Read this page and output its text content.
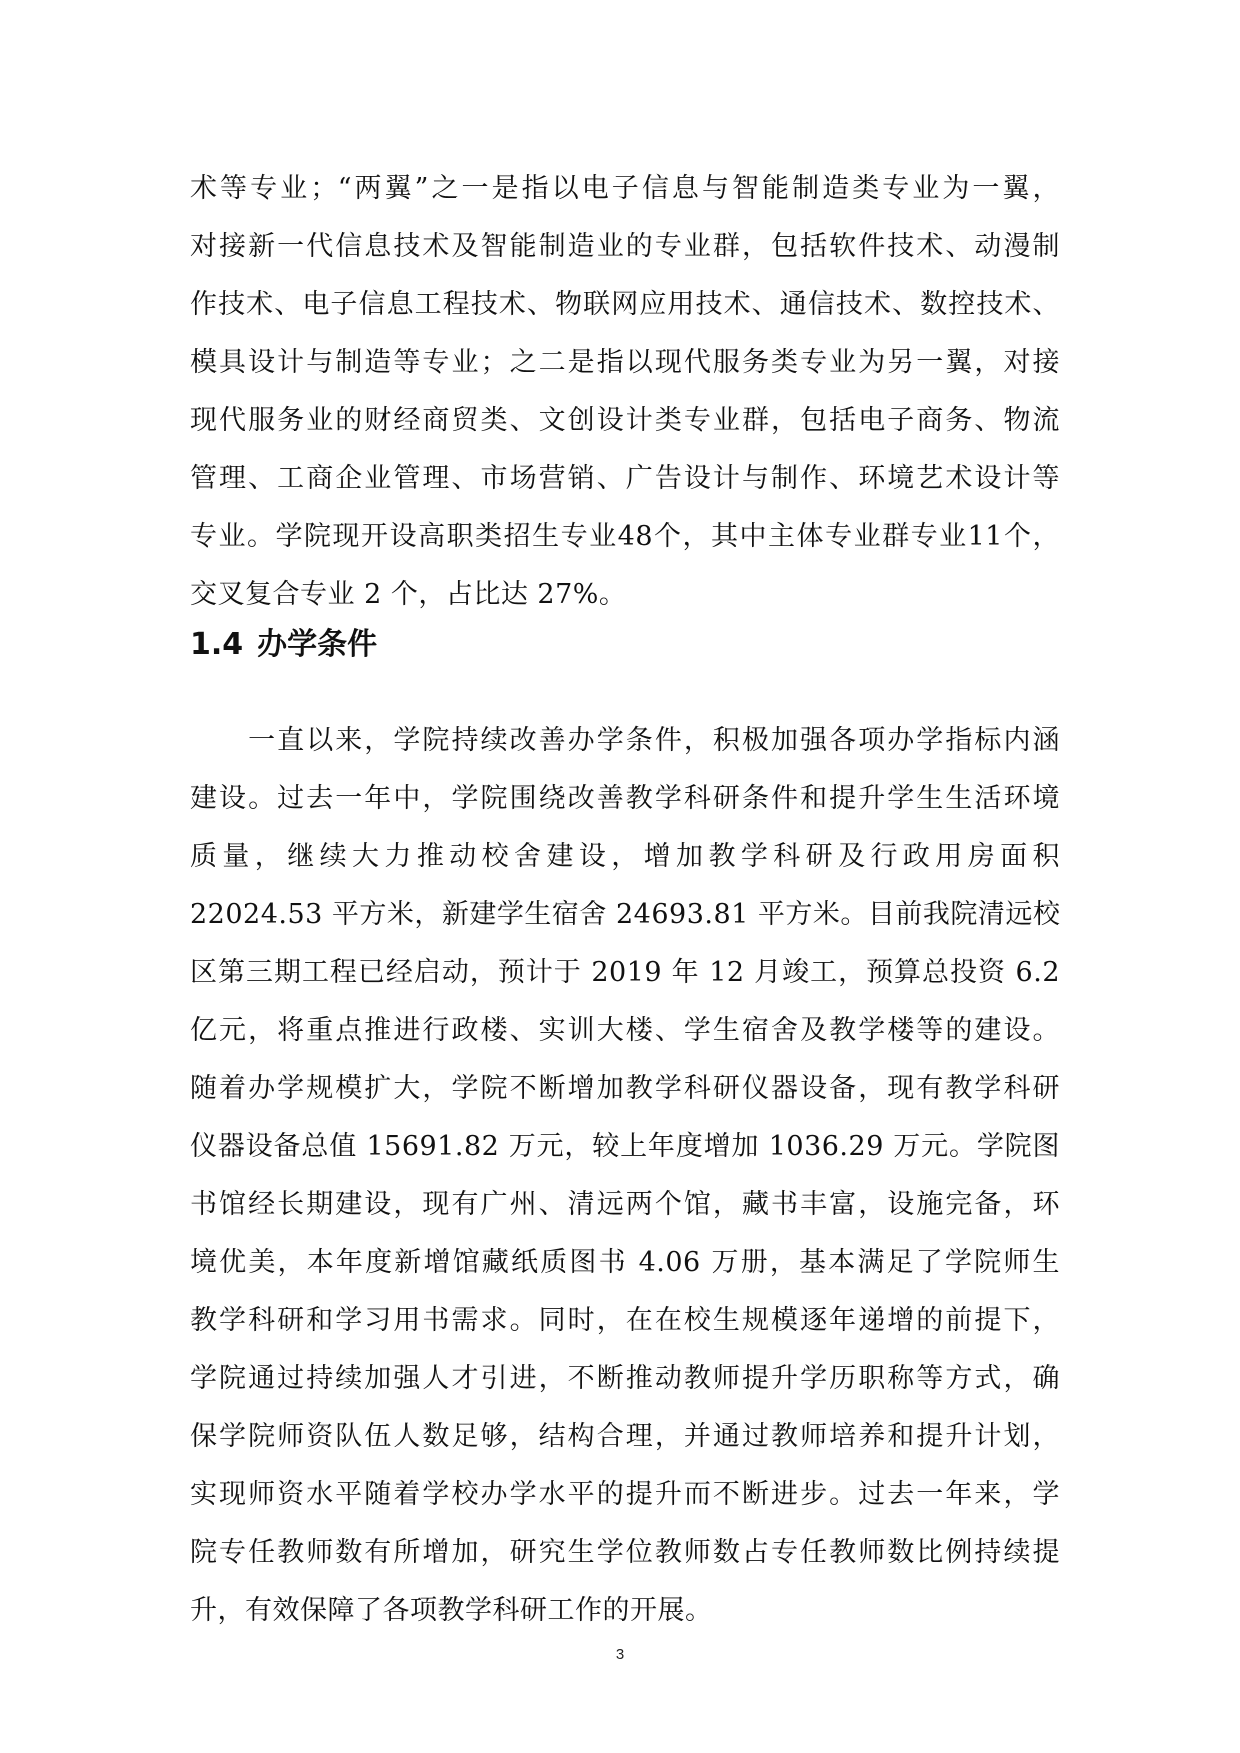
术等专业；“两翼”之一是指以电子信息与智能制造类专业为一翼，
对接新一代信息技术及智能制造业的专业群，包括软件技术、动漫制
作技术、电子信息工程技术、物联网应用技术、通信技术、数控技术、
模具设计与制造等专业；之二是指以现代服务类专业为另一翼，对接
现代服务业的财经商贸类、文创设计类专业群，包括电子商务、物流
管理、工商企业管理、市场营销、广告设计与制作、环境艺术设计等
专业。学院现开设高职类招生专业48个，其中主体专业群专业11个，
交叉复合专业 2 个，占比达 27%。
1.4 办学条件
　　一直以来，学院持续改善办学条件，积极加强各项办学指标内涵
建设。过去一年中，学院围绕改善教学科研条件和提升学生生活环境
质量，继续大力推动校舍建设，增加教学科研及行政用房面积
22024.53 平方米，新建学生宿舍 24693.81 平方米。目前我院清远校
区第三期工程已经启动，预计于 2019 年 12 月竣工，预算总投资 6.2
亿元，将重点推进行政楼、实训大楼、学生宿舍及教学楼等的建设。
随着办学规模扩大，学院不断增加教学科研仪器设备，现有教学科研
仪器设备总值 15691.82 万元，较上年度增加 1036.29 万元。学院图
书馆经长期建设，现有广州、清远两个馆，藏书丰富，设施完备，环
境优美，本年度新增馆藏纸质图书 4.06 万册，基本满足了学院师生
教学科研和学习用书需求。同时，在在校生规模逐年递增的前提下，
学院通过持续加强人才引进，不断推动教师提升学历职称等方式，确
保学院师资队伍人数足够，结构合理，并通过教师培养和提升计划，
实现师资水平随着学校办学水平的提升而不断进步。过去一年来，学
院专任教师数有所增加，研究生学位教师数占专任教师数比例持续提
升，有效保障了各项教学科研工作的开展。
3
